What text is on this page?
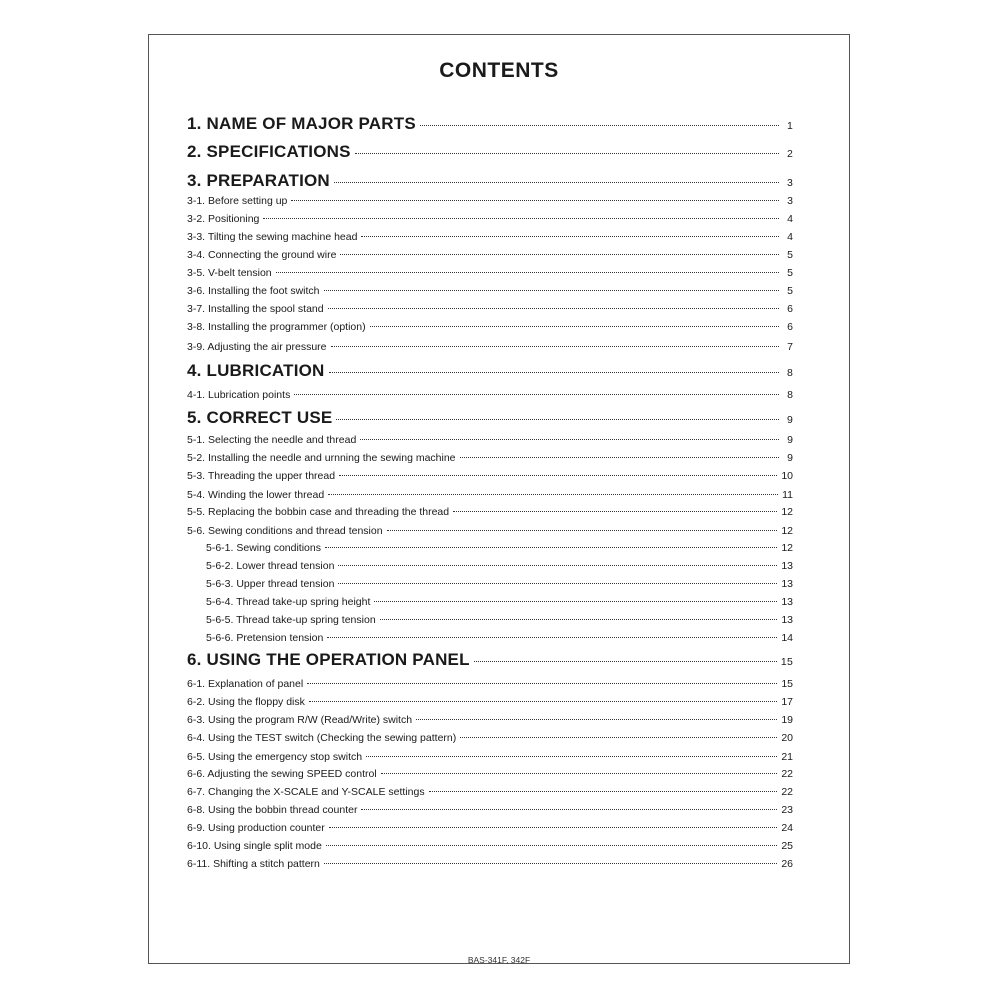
CONTENTS
1. NAME OF MAJOR PARTS	1
2. SPECIFICATIONS	2
3. PREPARATION	3
3-1. Before setting up	3
3-2. Positioning	4
3-3. Tilting the sewing machine head	4
3-4. Connecting the ground wire	5
3-5. V-belt tension	5
3-6. Installing the foot switch	5
3-7. Installing the spool stand	6
3-8. Installing the programmer (option)	6
3-9. Adjusting the air pressure	7
4. LUBRICATION	8
4-1. Lubrication points	8
5. CORRECT USE	9
5-1. Selecting the needle and thread	9
5-2. Installing the needle and urnning the sewing machine	9
5-3. Threading the upper thread	10
5-4. Winding the lower thread	11
5-5. Replacing the bobbin case and threading the thread	12
5-6. Sewing conditions and thread tension	12
5-6-1. Sewing conditions	12
5-6-2. Lower thread tension	13
5-6-3. Upper thread tension	13
5-6-4. Thread take-up spring height	13
5-6-5. Thread take-up spring tension	13
5-6-6. Pretension tension	14
6. USING THE OPERATION PANEL	15
6-1. Explanation of panel	15
6-2. Using the floppy disk	17
6-3. Using the program R/W (Read/Write) switch	19
6-4. Using the TEST switch (Checking the sewing pattern)	20
6-5. Using the emergency stop switch	21
6-6. Adjusting the sewing SPEED control	22
6-7. Changing the X-SCALE and Y-SCALE settings	22
6-8. Using the bobbin thread counter	23
6-9. Using production counter	24
6-10. Using single split mode	25
6-11. Shifting a stitch pattern	26
BAS-341F, 342F
